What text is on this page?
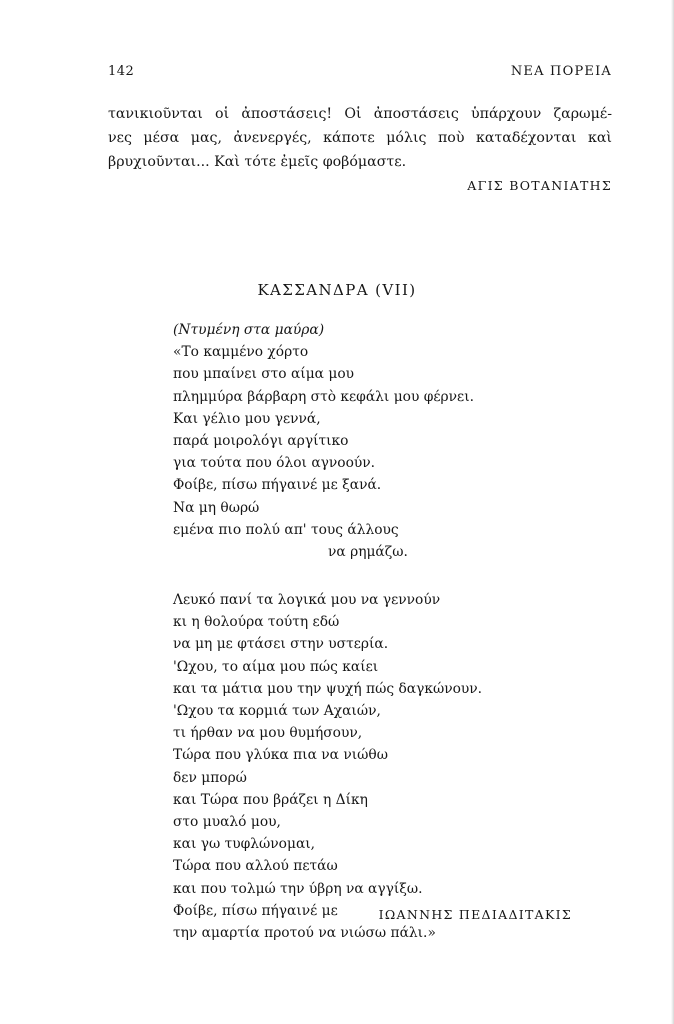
142	ΝΕΑ ΠΟΡΕΙΑ
τανικιοῦνται οἱ ἀποστάσεις! Οἱ ἀποστάσεις ὑπάρχουν ζαρωμέ-
νες μέσα μας, ἀνενεργές, κάποτε μόλις ποὺ καταδέχονται καὶ
βρυχιοῦνται... Καὶ τότε ἐμεῖς φοβόμαστε.
ΑΓΙΣ ΒΟΤΑΝΙΑΤΗΣ
ΚΑΣΣΑΝΔΡΑ (VII)
(Ντυμένη στα μαύρα)
«Το καμμένο χόρτο
που μπαίνει στο αίμα μου
πλημμύρα βάρβαρη στὸ κεφάλι μου φέρνει.
Και γέλιο μου γεννά,
παρά μοιρολόγι αργίτικο
για τούτα που όλοι αγνοούν.
Φοίβε, πίσω πήγαινέ με ξανά.
Να μη θωρώ
εμένα πιο πολύ απ' τους άλλους
να ρημάζω.
Λευκό πανί τα λογικά μου να γεννούν
κι η θολούρα τούτη εδώ
να μη με φτάσει στην υστερία.
'Ωχου, το αίμα μου πώς καίει
και τα μάτια μου την ψυχή πώς δαγκώνουν.
'Ωχου τα κορμιά των Αχαιών,
τι ήρθαν να μου θυμήσουν,
Τώρα που γλύκα πια να νιώθω
δεν μπορώ
και Τώρα που βράζει η Δίκη
στο μυαλό μου,
και γω τυφλώνομαι,
Τώρα που αλλού πετάω
και που τολμώ την ύβρη να αγγίξω.
Φοίβε, πίσω πήγαινέ με
την αμαρτία προτού να νιώσω πάλι.»
ΙΩΑΝΝΗΣ ΠΕΔΙΑΔΙΤΑΚΙΣ
